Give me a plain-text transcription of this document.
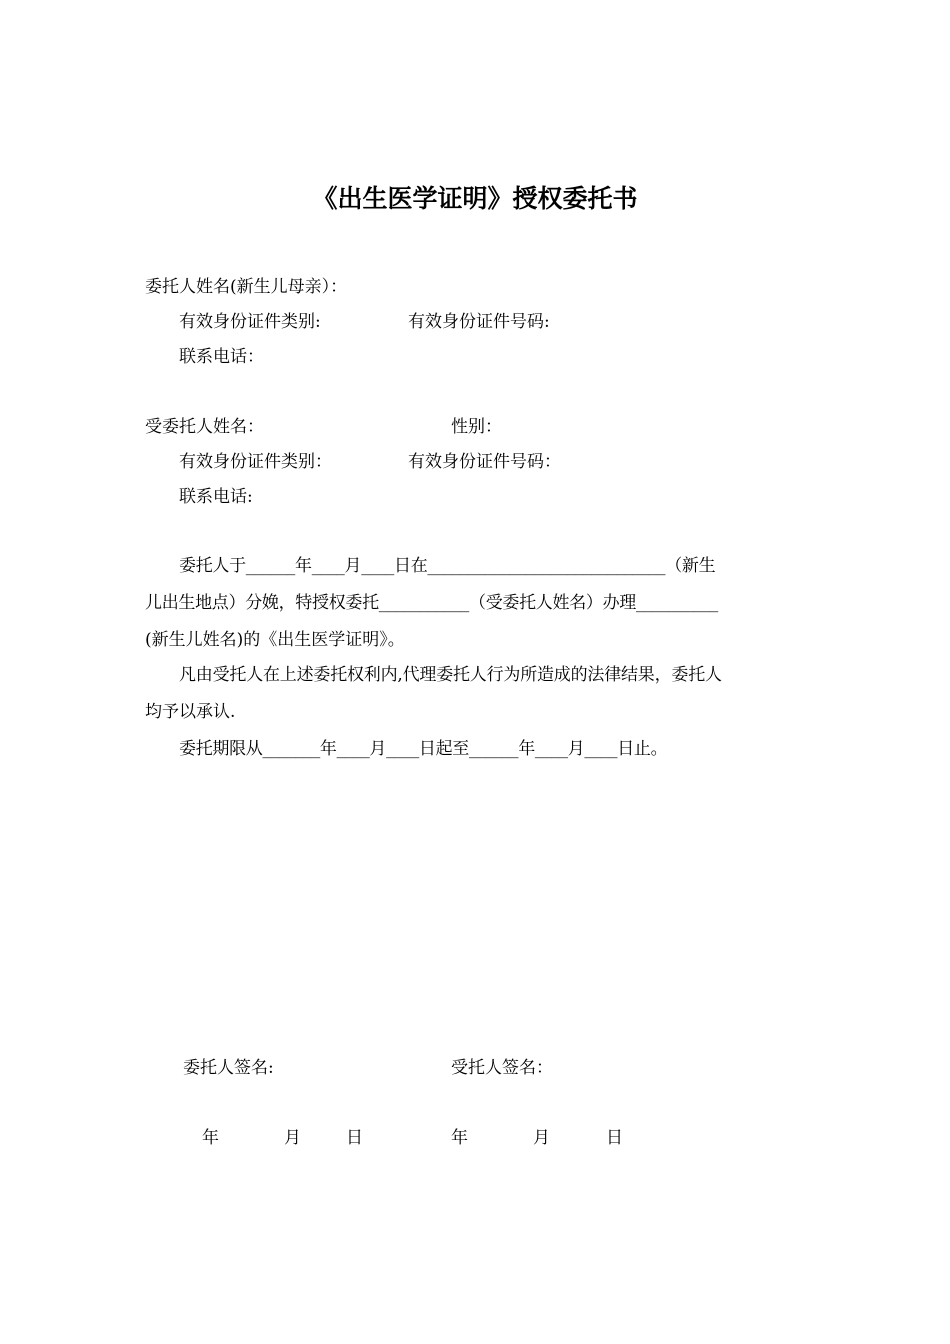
《出生医学证明》授权委托书
委托人姓名(新生儿母亲）：
有效身份证件类别:	有效身份证件号码:
联系电话：
受委托人姓名：	性别：
有效身份证件类别：	有效身份证件号码：
联系电话:
委托人于______年____月____日在_____________________________（新生
儿出生地点）分娩，特授权委托___________（受委托人姓名）办理__________
(新生儿姓名)的《出生医学证明》。
凡由受托人在上述委托权利内,代理委托人行为所造成的法律结果，委托人
均予以承认.
委托期限从_______年____月____日起至______年____月____日止。
委托人签名:	受托人签名：
年	月	日	年	月	日
